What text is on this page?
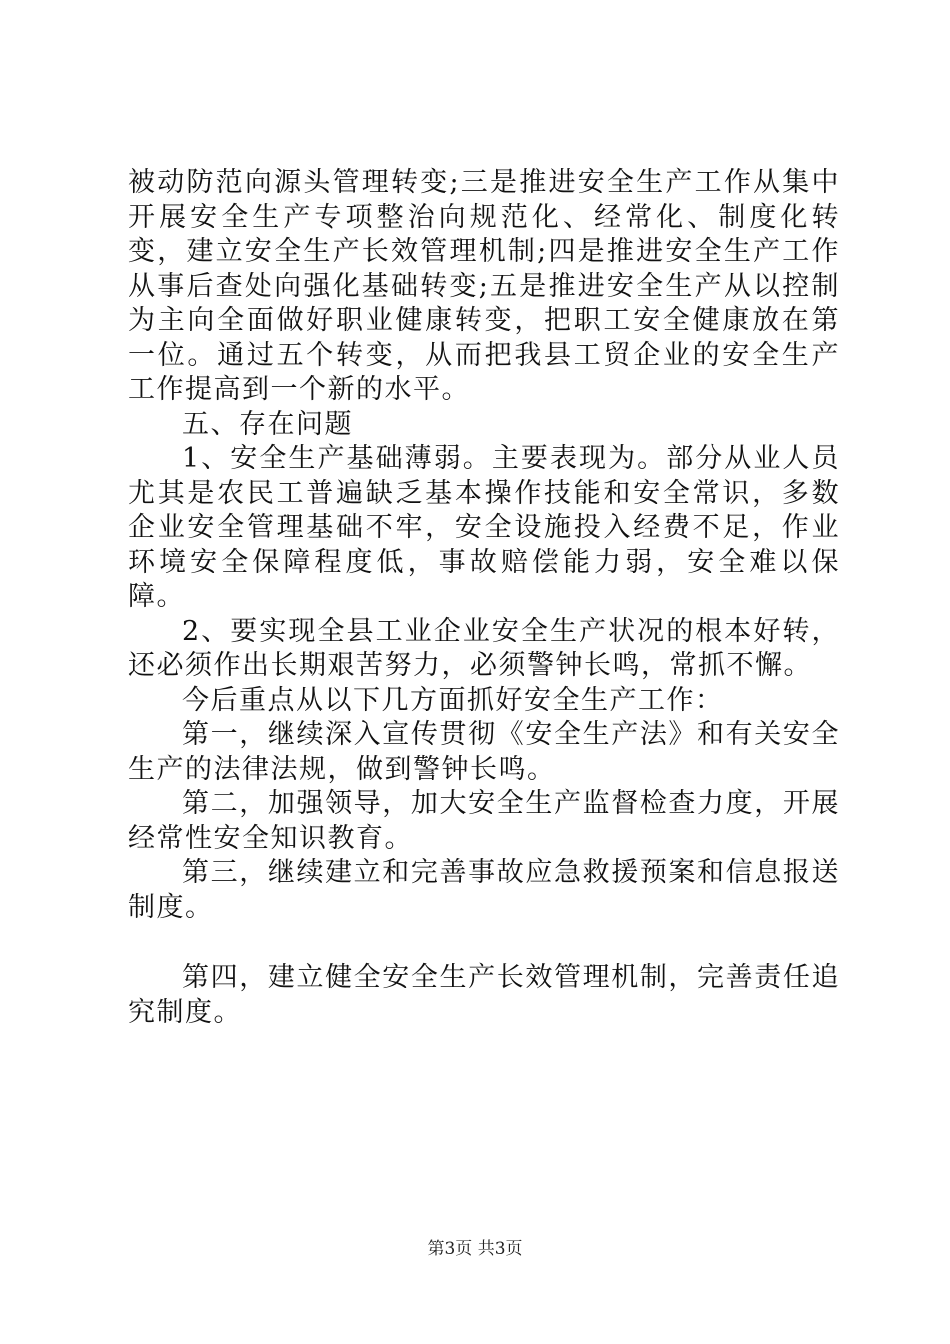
被动防范向源头管理转变;三是推进安全生产工作从集中开展安全生产专项整治向规范化、经常化、制度化转变，建立安全生产长效管理机制;四是推进安全生产工作从事后查处向强化基础转变;五是推进安全生产从以控制为主向全面做好职业健康转变，把职工安全健康放在第一位。通过五个转变，从而把我县工贸企业的安全生产工作提高到一个新的水平。

五、存在问题

1、安全生产基础薄弱。主要表现为。部分从业人员尤其是农民工普遍缺乏基本操作技能和安全常识，多数企业安全管理基础不牢，安全设施投入经费不足，作业环境安全保障程度低，事故赔偿能力弱，安全难以保障。

2、要实现全县工业企业安全生产状况的根本好转，还必须作出长期艰苦努力，必须警钟长鸣，常抓不懈。

今后重点从以下几方面抓好安全生产工作：

第一，继续深入宣传贯彻《安全生产法》和有关安全生产的法律法规，做到警钟长鸣。

第二，加强领导，加大安全生产监督检查力度，开展经常性安全知识教育。

第三，继续建立和完善事故应急救援预案和信息报送制度。

第四，建立健全安全生产长效管理机制，完善责任追究制度。

第3页 共3页
